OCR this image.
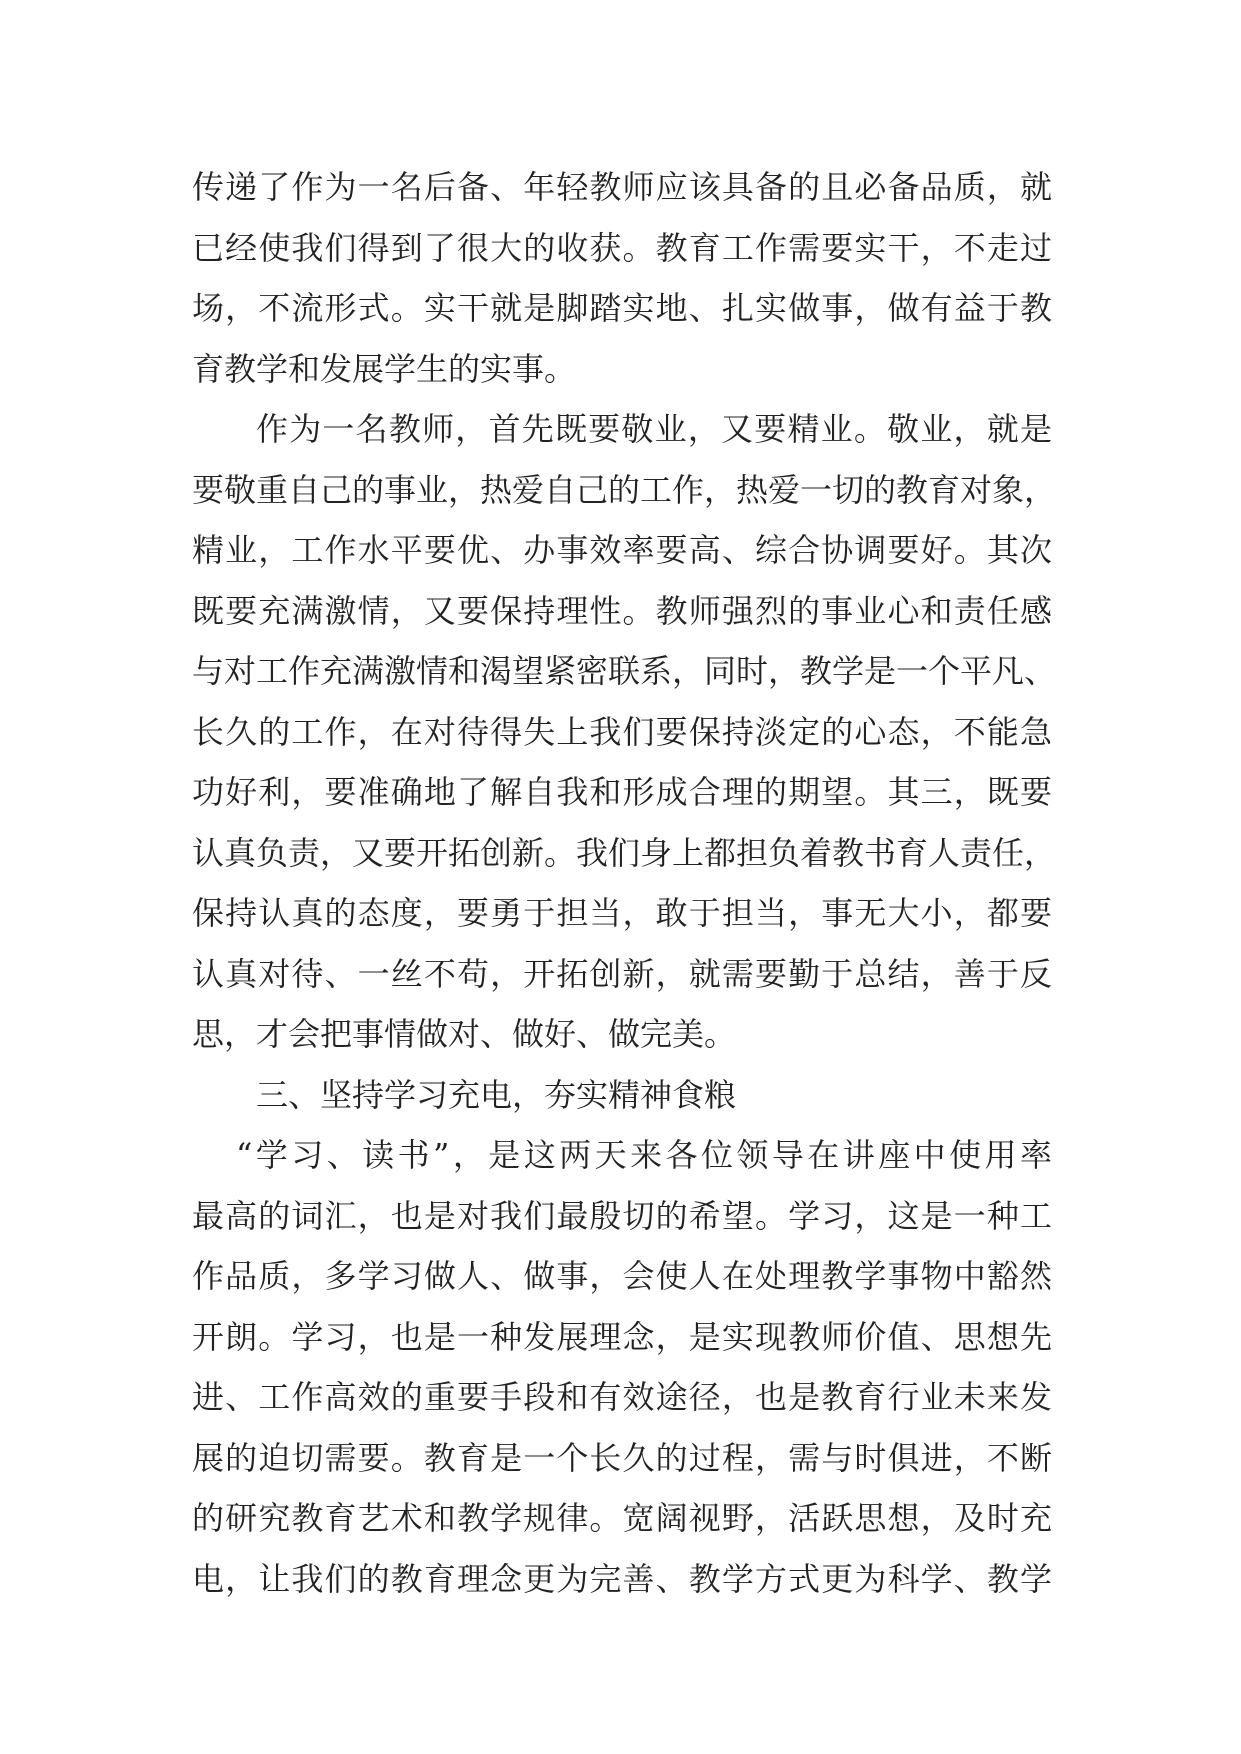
传递了作为一名后备、年轻教师应该具备的且必备品质，就
已经使我们得到了很大的收获。教育工作需要实干，不走过
场，不流形式。实干就是脚踏实地、扎实做事，做有益于教
育教学和发展学生的实事。
作为一名教师，首先既要敬业，又要精业。敬业，就是
要敬重自己的事业，热爱自己的工作，热爱一切的教育对象，
精业，工作水平要优、办事效率要高、综合协调要好。其次
既要充满激情，又要保持理性。教师强烈的事业心和责任感
与对工作充满激情和渴望紧密联系，同时，教学是一个平凡、
长久的工作，在对待得失上我们要保持淡定的心态，不能急
功好利，要准确地了解自我和形成合理的期望。其三，既要
认真负责，又要开拓创新。我们身上都担负着教书育人责任，
保持认真的态度，要勇于担当，敢于担当，事无大小，都要
认真对待、一丝不苟，开拓创新，就需要勤于总结，善于反
思，才会把事情做对、做好、做完美。
三、坚持学习充电，夯实精神食粮
“学习、读书”，是这两天来各位领导在讲座中使用率
最高的词汇，也是对我们最殷切的希望。学习，这是一种工
作品质，多学习做人、做事，会使人在处理教学事物中豁然
开朗。学习，也是一种发展理念，是实现教师价值、思想先
进、工作高效的重要手段和有效途径，也是教育行业未来发
展的迫切需要。教育是一个长久的过程，需与时俱进，不断
的研究教育艺术和教学规律。宽阔视野，活跃思想，及时充
电，让我们的教育理念更为完善、教学方式更为科学、教学
